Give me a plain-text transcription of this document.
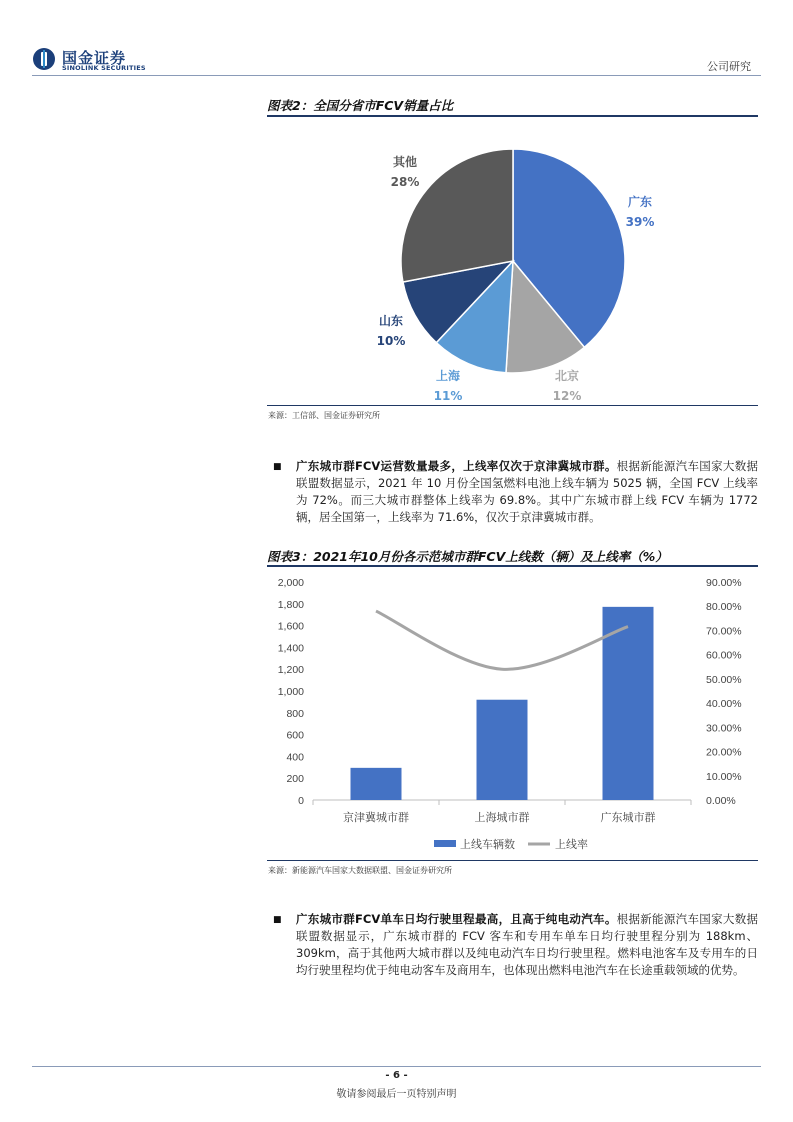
国金证券
SINOLINK SECURITIES	公司研究
图表2：全国分省市FCV销量占比
广东
39%
北京
12%
上海
11%
山东
10%
其他
28%
来源：工信部、国金证券研究所
■ 广东城市群FCV运营数量最多，上线率仅次于京津冀城市群。根据新能源汽车国家大数据联盟数据显示，2021 年 10 月份全国氢燃料电池上线车辆为 5025 辆，全国 FCV 上线率为 72%。而三大城市群整体上线率为 69.8%。其中广东城市群上线 FCV 车辆为 1772 辆，居全国第一，上线率为 71.6%，仅次于京津冀城市群。
图表3：2021年10月份各示范城市群FCV上线数（辆）及上线率（%）
0
200
400
600
800
1,000
1,200
1,400
1,600
1,800
2,000
0.00%
10.00%
20.00%
30.00%
40.00%
50.00%
60.00%
70.00%
80.00%
90.00%
京津冀城市群	上海城市群	广东城市群
上线车辆数	上线率
来源：新能源汽车国家大数据联盟、国金证券研究所
■ 广东城市群FCV单车日均行驶里程最高，且高于纯电动汽车。根据新能源汽车国家大数据联盟数据显示，广东城市群的 FCV 客车和专用车单车日均行驶里程分别为 188km、309km，高于其他两大城市群以及纯电动汽车日均行驶里程。燃料电池客车及专用车的日均行驶里程均优于纯电动客车及商用车，也体现出燃料电池汽车在长途重载领域的优势。
- 6 -
敬请参阅最后一页特别声明
